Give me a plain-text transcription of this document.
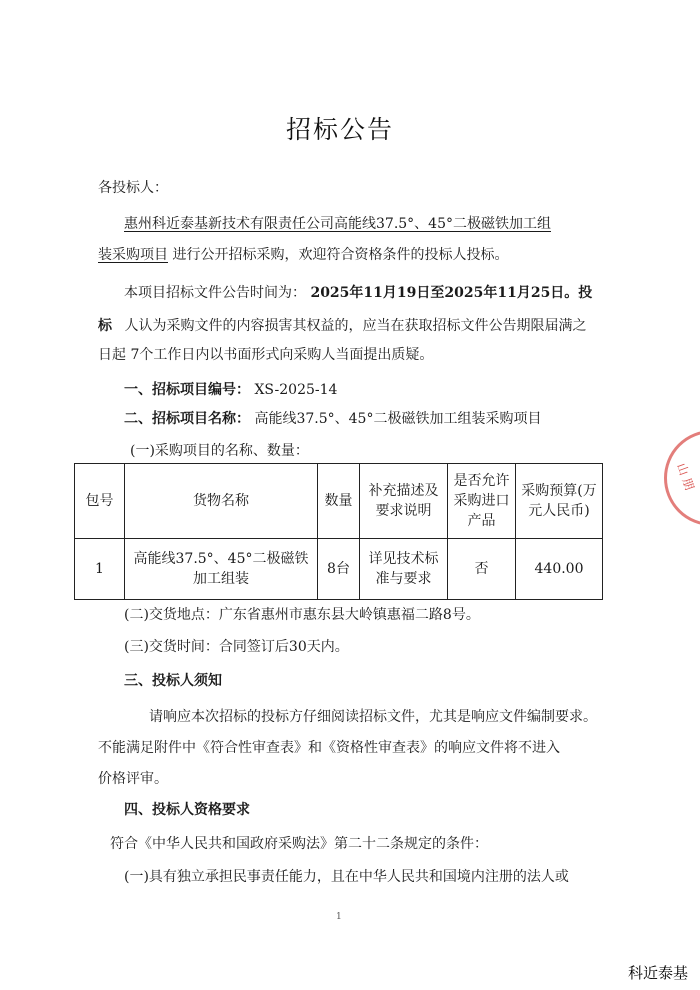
招标公告
各投标人：
惠州科近泰基新技术有限责任公司高能线37.5°、45°二极磁铁加工组
装采购项目 进行公开招标采购，欢迎符合资格条件的投标人投标。
本项目招标文件公告时间为： 2025年11月19日至2025年11月25日。投
标 人认为采购文件的内容损害其权益的，应当在获取招标文件公告期限届满之
日起 7个工作日内以书面形式向采购人当面提出质疑。
一、招标项目编号： XS-2025-14
二、招标项目名称： 高能线37.5°、45°二极磁铁加工组装采购项目
(一)采购项目的名称、数量：
包号	货物名称	数量	补充描述及要求说明	是否允许采购进口产品	采购预算(万元人民币)
1	高能线37.5°、45°二极磁铁加工组装	8台	详见技术标准与要求	否	440.00
(二)交货地点：广东省惠州市惠东县大岭镇惠福二路8号。
(三)交货时间：合同签订后30天内。
三、投标人须知
请响应本次招标的投标方仔细阅读招标文件，尤其是响应文件编制要求。
不能满足附件中《符合性审查表》和《资格性审查表》的响应文件将不进入
价格评审。
四、投标人资格要求
符合《中华人民共和国政府采购法》第二十二条规定的条件：
(一)具有独立承担民事责任能力，且在中华人民共和国境内注册的法人或
山 朋
1
科近泰基
